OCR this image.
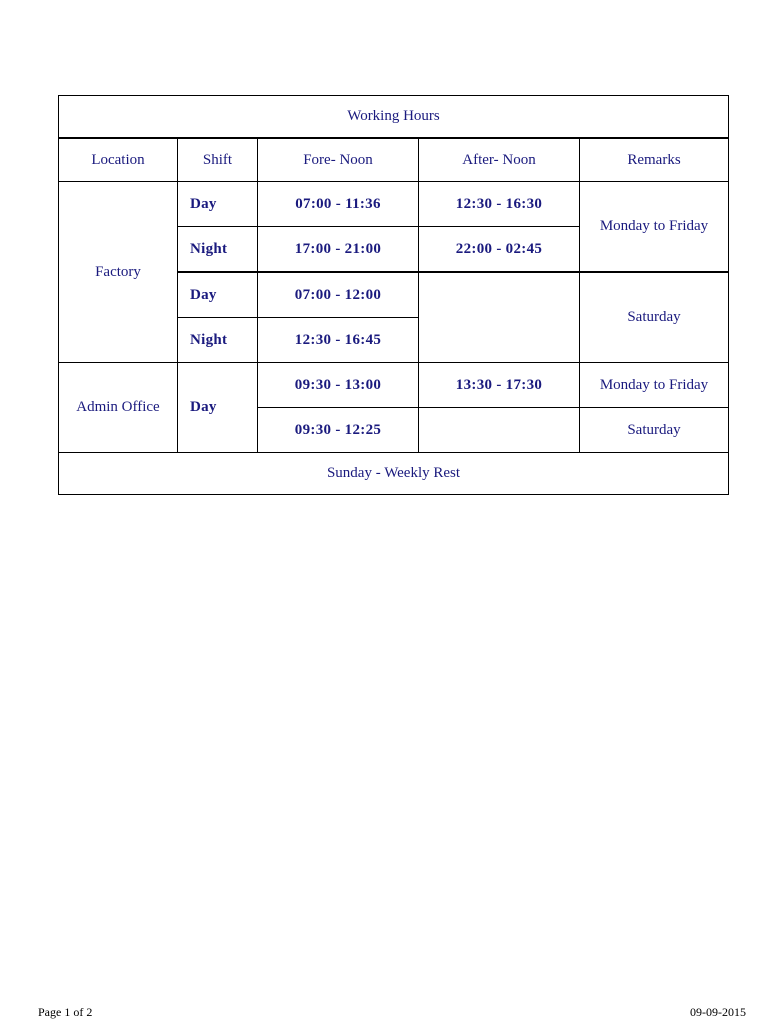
Working Hours				
Location	Shift	Fore- Noon	After- Noon	Remarks
Factory	Day	07:00 - 11:36	12:30 - 16:30	Monday to Friday
	Night	17:00 - 21:00	22:00 - 02:45	
	Day	07:00 - 12:00		Saturday
	Night	12:30 - 16:45		
Admin Office	Day	09:30 - 13:00	13:30 - 17:30	Monday to Friday
		09:30 - 12:25		Saturday
Sunday - Weekly Rest				
Page 1 of 2	09-09-2015
